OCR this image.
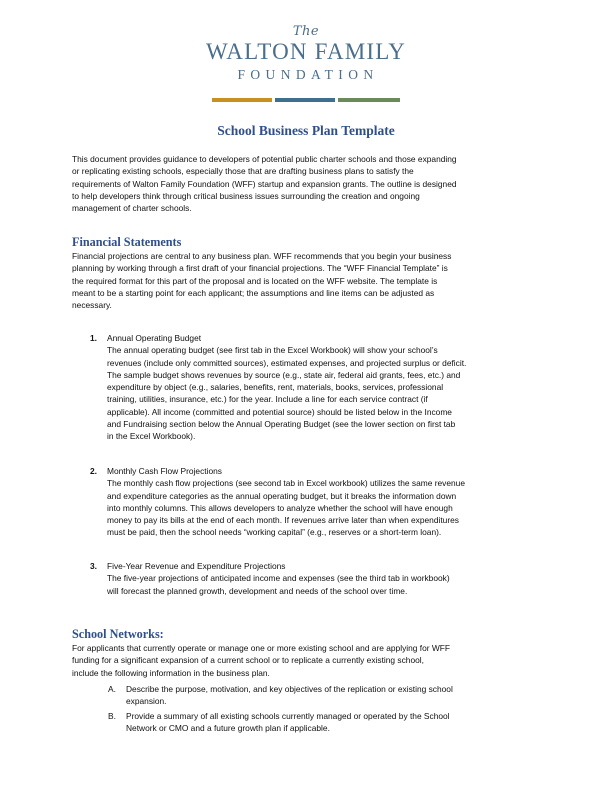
The
WALTON FAMILY
FOUNDATION
School Business Plan Template
This document provides guidance to developers of potential public charter schools and those expanding
or replicating existing schools, especially those that are drafting business plans to satisfy the
requirements of Walton Family Foundation (WFF) startup and expansion grants. The outline is designed
to help developers think through critical business issues surrounding the creation and ongoing
management of charter schools.
Financial Statements
Financial projections are central to any business plan. WFF recommends that you begin your business
planning by working through a first draft of your financial projections. The “WFF Financial Template” is
the required format for this part of the proposal and is located on the WFF website. The template is
meant to be a starting point for each applicant; the assumptions and line items can be adjusted as
necessary.
1. Annual Operating Budget
The annual operating budget (see first tab in the Excel Workbook) will show your school’s
revenues (include only committed sources), estimated expenses, and projected surplus or deficit.
The sample budget shows revenues by source (e.g., state air, federal aid grants, fees, etc.) and
expenditure by object (e.g., salaries, benefits, rent, materials, books, services, professional
training, utilities, insurance, etc.) for the year. Include a line for each service contract (if
applicable). All income (committed and potential source) should be listed below in the Income
and Fundraising section below the Annual Operating Budget (see the lower section on first tab
in the Excel Workbook).
2. Monthly Cash Flow Projections
The monthly cash flow projections (see second tab in Excel workbook) utilizes the same revenue
and expenditure categories as the annual operating budget, but it breaks the information down
into monthly columns. This allows developers to analyze whether the school will have enough
money to pay its bills at the end of each month. If revenues arrive later than when expenditures
must be paid, then the school needs “working capital” (e.g., reserves or a short-term loan).
3. Five-Year Revenue and Expenditure Projections
The five-year projections of anticipated income and expenses (see the third tab in workbook)
will forecast the planned growth, development and needs of the school over time.
School Networks:
For applicants that currently operate or manage one or more existing school and are applying for WFF
funding for a significant expansion of a current school or to replicate a currently existing school,
include the following information in the business plan.
A. Describe the purpose, motivation, and key objectives of the replication or existing school
expansion.
B. Provide a summary of all existing schools currently managed or operated by the School
Network or CMO and a future growth plan if applicable.
